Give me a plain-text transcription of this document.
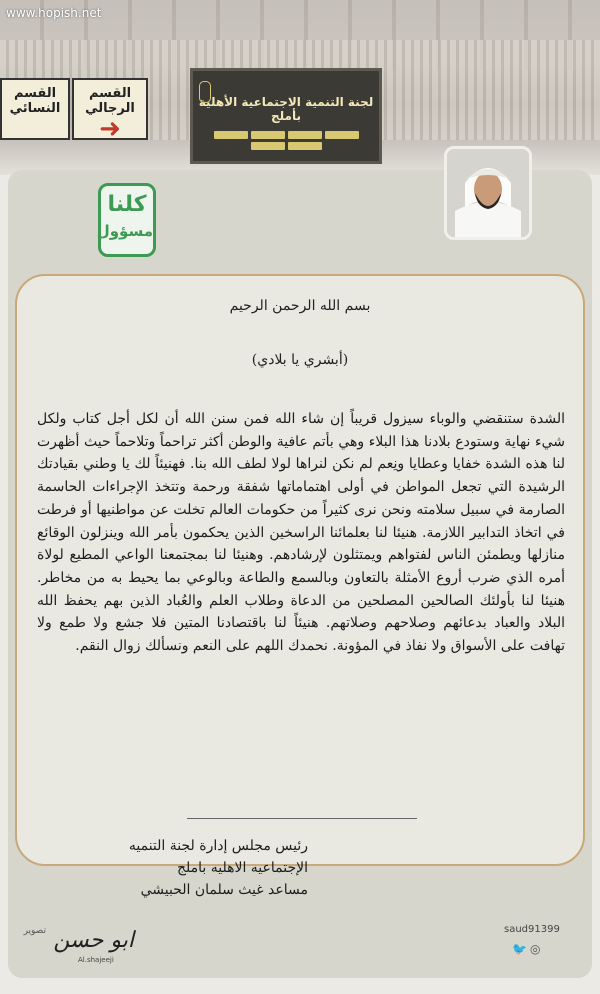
www.hopish.net
القسم النسائي
القسم الرجالي
➜
لجنة التنمية الاجتماعية الأهلية بأملج
كلنا
مسؤول
بسم الله الرحمن الرحيم
(أبشري يا بلادي)
الشدة ستنقضي والوباء سيزول قريباً إن شاء الله فمن سنن الله أن لكل أجل كتاب ولكل شيء نهاية وستودع بلادنا هذا البلاء وهي بأتم عافية والوطن أكثر تراحماً وتلاحماً حيث أظهرت لنا هذه الشدة خفايا وعطايا ونِعم لم نكن لنراها لولا لطف الله بنا. فهنيئاً لك يا وطني بقيادتك الرشيدة التي تجعل المواطن في أولى اهتماماتها شفقة ورحمة وتتخذ الإجراءات الحاسمة الصارمة في سبيل سلامته ونحن نرى كثيراً من حكومات العالم تخلت عن مواطنيها أو فرطت في اتخاذ التدابير اللازمة. هنيئا لنا بعلمائنا الراسخين الذين يحكمون بأمر الله وينزلون الوقائع منازلها ويطمئن الناس لفتواهم ويمتثلون لإرشادهم. وهنيئا لنا بمجتمعنا الواعي المطيع لولاة أمره الذي ضرب أروع الأمثلة بالتعاون وبالسمع والطاعة وبالوعي بما يحيط به من مخاطر. هنيئا لنا بأولئك الصالحين المصلحين من الدعاة وطلاب العلم والعُباد الذين بهم يحفظ الله البلاد والعباد بدعائهم وصلاحهم وصلاتهم. هنيئاً لنا باقتصادنا المتين فلا جشع ولا طمع ولا تهافت على الأسواق ولا نفاذ في المؤونة. نحمدك اللهم على النعم ونسألك زوال النقم.
رئيس مجلس إدارة لجنة التنميه
الإجتماعيه الاهليه باملج
مساعد غيث سلمان الحبيشي
تصوير ابو حسن
Al.shajeeji
saud91399
🐦 ◎
